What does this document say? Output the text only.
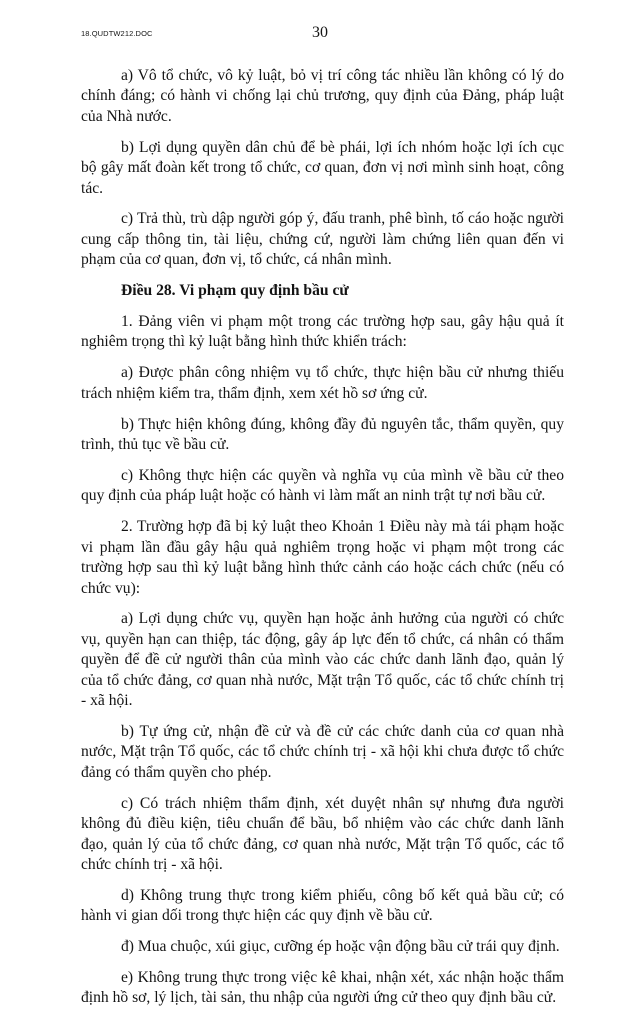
18.QUDTW212.DOC	30

a) Vô tổ chức, vô kỷ luật, bỏ vị trí công tác nhiều lần không có lý do chính đáng; có hành vi chống lại chủ trương, quy định của Đảng, pháp luật của Nhà nước.

b) Lợi dụng quyền dân chủ để bè phái, lợi ích nhóm hoặc lợi ích cục bộ gây mất đoàn kết trong tổ chức, cơ quan, đơn vị nơi mình sinh hoạt, công tác.

c) Trả thù, trù dập người góp ý, đấu tranh, phê bình, tố cáo hoặc người cung cấp thông tin, tài liệu, chứng cứ, người làm chứng liên quan đến vi phạm của cơ quan, đơn vị, tổ chức, cá nhân mình.

Điều 28. Vi phạm quy định bầu cử

1. Đảng viên vi phạm một trong các trường hợp sau, gây hậu quả ít nghiêm trọng thì kỷ luật bằng hình thức khiển trách:

a) Được phân công nhiệm vụ tổ chức, thực hiện bầu cử nhưng thiếu trách nhiệm kiểm tra, thẩm định, xem xét hồ sơ ứng cử.

b) Thực hiện không đúng, không đầy đủ nguyên tắc, thẩm quyền, quy trình, thủ tục về bầu cử.

c) Không thực hiện các quyền và nghĩa vụ của mình về bầu cử theo quy định của pháp luật hoặc có hành vi làm mất an ninh trật tự nơi bầu cử.

2. Trường hợp đã bị kỷ luật theo Khoản 1 Điều này mà tái phạm hoặc vi phạm lần đầu gây hậu quả nghiêm trọng hoặc vi phạm một trong các trường hợp sau thì kỷ luật bằng hình thức cảnh cáo hoặc cách chức (nếu có chức vụ):

a) Lợi dụng chức vụ, quyền hạn hoặc ảnh hưởng của người có chức vụ, quyền hạn can thiệp, tác động, gây áp lực đến tổ chức, cá nhân có thẩm quyền để đề cử người thân của mình vào các chức danh lãnh đạo, quản lý của tổ chức đảng, cơ quan nhà nước, Mặt trận Tổ quốc, các tổ chức chính trị - xã hội.

b) Tự ứng cử, nhận đề cử và đề cử các chức danh của cơ quan nhà nước, Mặt trận Tổ quốc, các tổ chức chính trị - xã hội khi chưa được tổ chức đảng có thẩm quyền cho phép.

c) Có trách nhiệm thẩm định, xét duyệt nhân sự nhưng đưa người không đủ điều kiện, tiêu chuẩn để bầu, bổ nhiệm vào các chức danh lãnh đạo, quản lý của tổ chức đảng, cơ quan nhà nước, Mặt trận Tổ quốc, các tổ chức chính trị - xã hội.

d) Không trung thực trong kiểm phiếu, công bố kết quả bầu cử; có hành vi gian dối trong thực hiện các quy định về bầu cử.

đ) Mua chuộc, xúi giục, cưỡng ép hoặc vận động bầu cử trái quy định.

e) Không trung thực trong việc kê khai, nhận xét, xác nhận hoặc thẩm định hồ sơ, lý lịch, tài sản, thu nhập của người ứng cử theo quy định bầu cử.
